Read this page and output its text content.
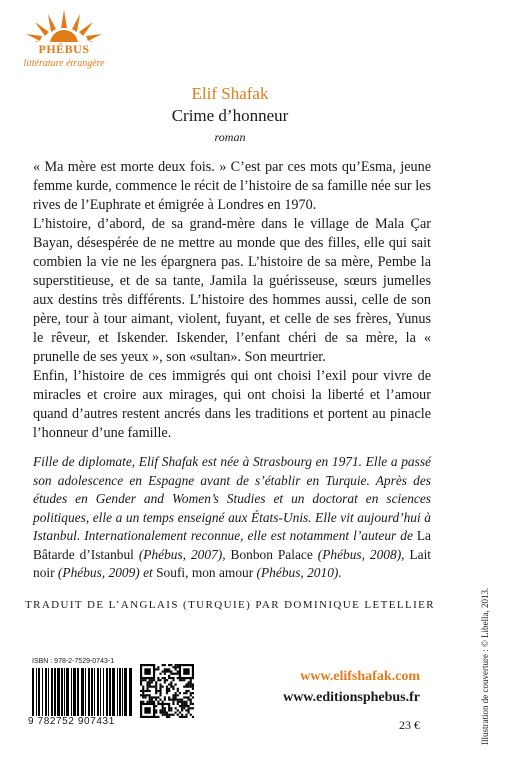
PHÉBUS
littérature étrangère
Elif Shafak
Crime d’honneur
roman

« Ma mère est morte deux fois. » C’est par ces mots qu’Esma, jeune femme kurde, commence le récit de l’histoire de sa famille née sur les rives de l’Euphrate et émigrée à Londres en 1970.

L’histoire, d’abord, de sa grand-mère dans le village de Mala Çar Bayan, désespérée de ne mettre au monde que des filles, elle qui sait combien la vie ne les épargnera pas. L’histoire de sa mère, Pembe la superstitieuse, et de sa tante, Jamila la guérisseuse, sœurs jumelles aux destins très différents. L’histoire des hommes aussi, celle de son père, tour à tour aimant, violent, fuyant, et celle de ses frères, Yunus le rêveur, et Iskender. Iskender, l’enfant chéri de sa mère, la « prunelle de ses yeux », son «sultan». Son meurtrier.

Enfin, l’histoire de ces immigrés qui ont choisi l’exil pour vivre de miracles et croire aux mirages, qui ont choisi la liberté et l’amour quand d’autres restent ancrés dans les traditions et portent au pinacle l’honneur d’une famille.

Fille de diplomate, Elif Shafak est née à Strasbourg en 1971. Elle a passé son adolescence en Espagne avant de s’établir en Turquie. Après des études en Gender and Women’s Studies et un doctorat en sciences politiques, elle a un temps enseigné aux États-Unis. Elle vit aujourd’hui à Istanbul. Internationalement reconnue, elle est notamment l’auteur de La Bâtarde d’Istanbul (Phébus, 2007), Bonbon Palace (Phébus, 2008), Lait noir (Phébus, 2009) et Soufi, mon amour (Phébus, 2010).
TRADUIT DE L’ANGLAIS (TURQUIE) PAR DOMINIQUE LETELLIER
ISBN : 978-2-7529-0743-1
9 782752 907431
www.elifshafak.com
www.editionsphebus.fr
23 €	Illustration de couverture : © Libella, 2013.
